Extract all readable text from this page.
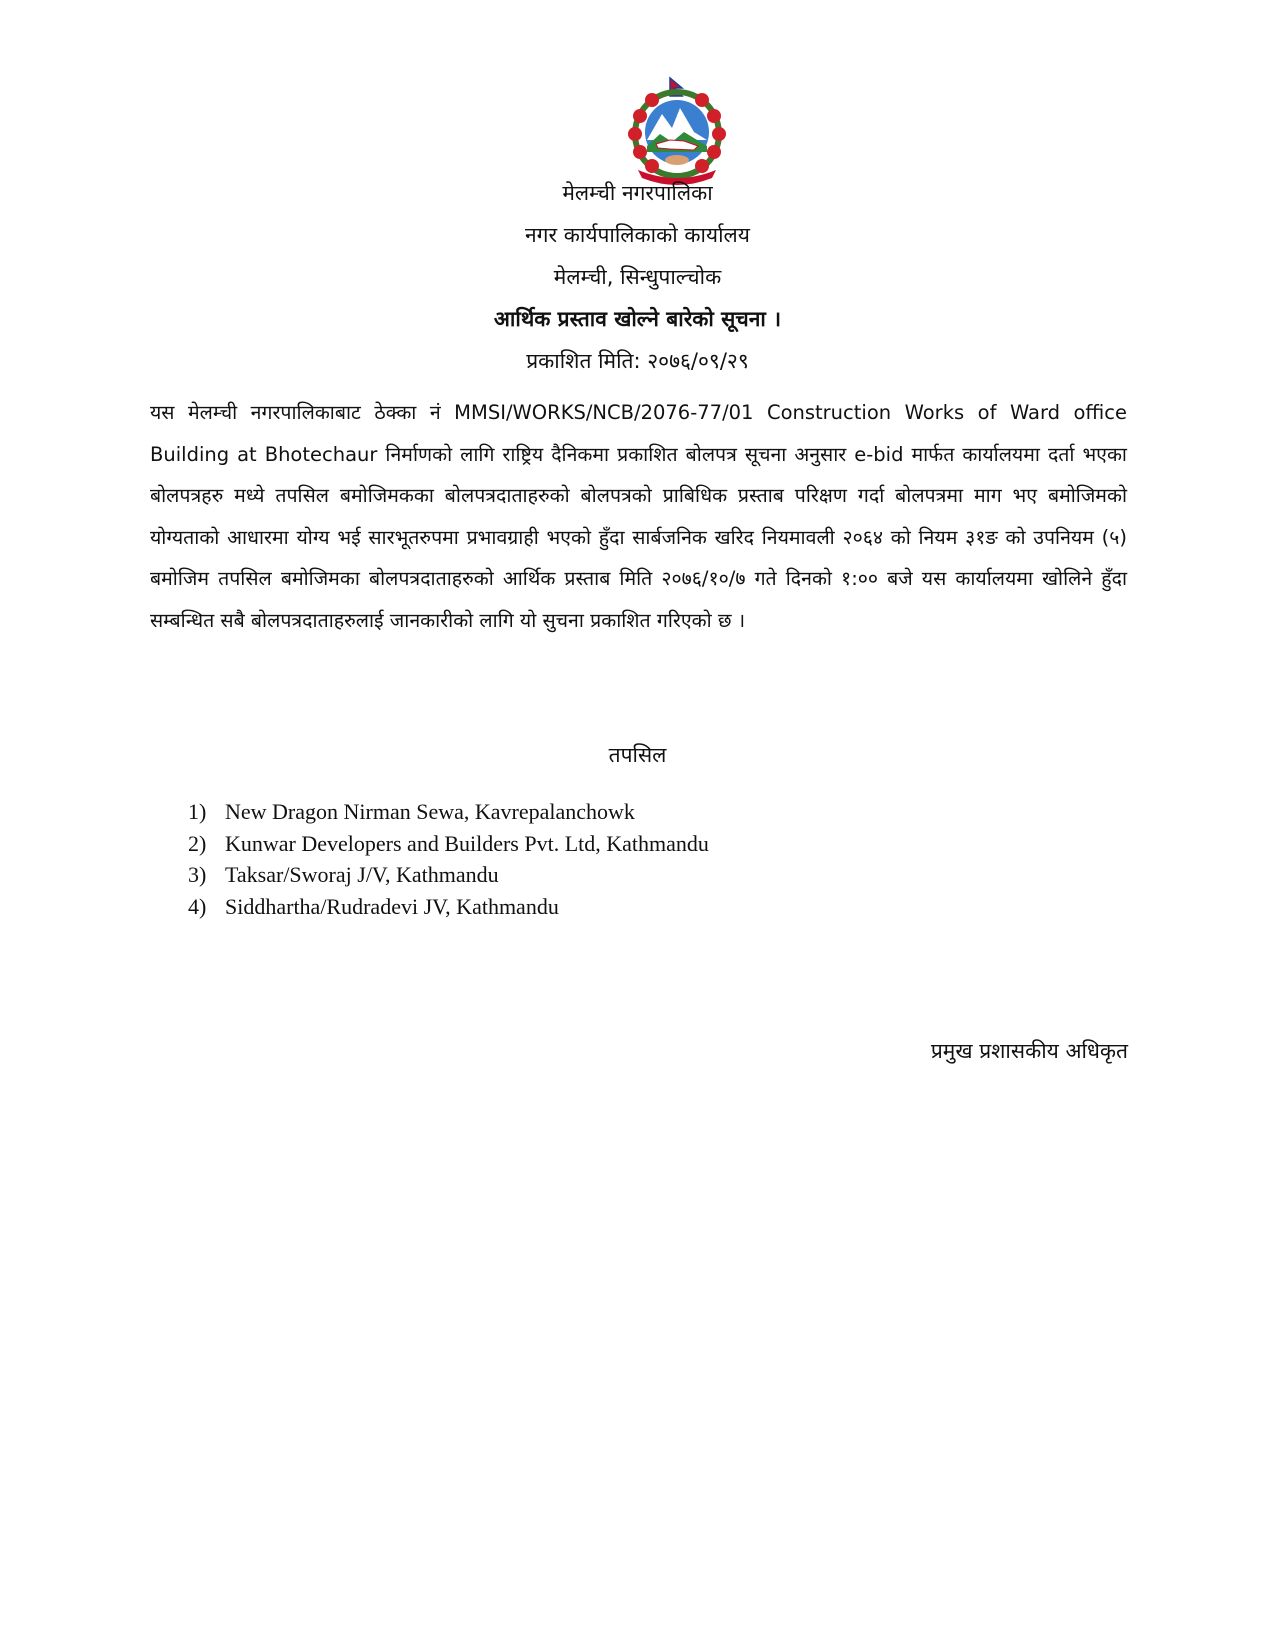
मेलम्ची नगरपालिका
नगर कार्यपालिकाको कार्यालय
मेलम्ची, सिन्धुपाल्चोक
आर्थिक प्रस्ताव खोल्ने बारेको सूचना ।
प्रकाशित मिति: २०७६/०९/२९

यस मेलम्ची नगरपालिकाबाट ठेक्का नं MMSI/WORKS/NCB/2076-77/01 Construction Works of Ward office Building at Bhotechaur निर्माणको लागि राष्ट्रिय दैनिकमा प्रकाशित बोलपत्र सूचना अनुसार e-bid मार्फत कार्यालयमा दर्ता भएका बोलपत्रहरु मध्ये तपसिल बमोजिमकका बोलपत्रदाताहरुको बोलपत्रको प्राबिधिक प्रस्ताब परिक्षण गर्दा बोलपत्रमा माग भए बमोजिमको योग्यताको आधारमा योग्य भई सारभूतरुपमा प्रभावग्राही भएको हुँदा सार्बजनिक खरिद नियमावली २०६४ को नियम ३१ङ को उपनियम (५) बमोजिम तपसिल बमोजिमका बोलपत्रदाताहरुको आर्थिक प्रस्ताब मिति २०७६/१०/७ गते दिनको १:०० बजे यस कार्यालयमा खोलिने हुँदा सम्बन्धित सबै बोलपत्रदाताहरुलाई जानकारीको लागि यो सुचना प्रकाशित गरिएको छ ।

तपसिल
1) New Dragon Nirman Sewa, Kavrepalanchowk
2) Kunwar Developers and Builders Pvt. Ltd, Kathmandu
3) Taksar/Sworaj J/V, Kathmandu
4) Siddhartha/Rudradevi JV, Kathmandu
प्रमुख प्रशासकीय अधिकृत
